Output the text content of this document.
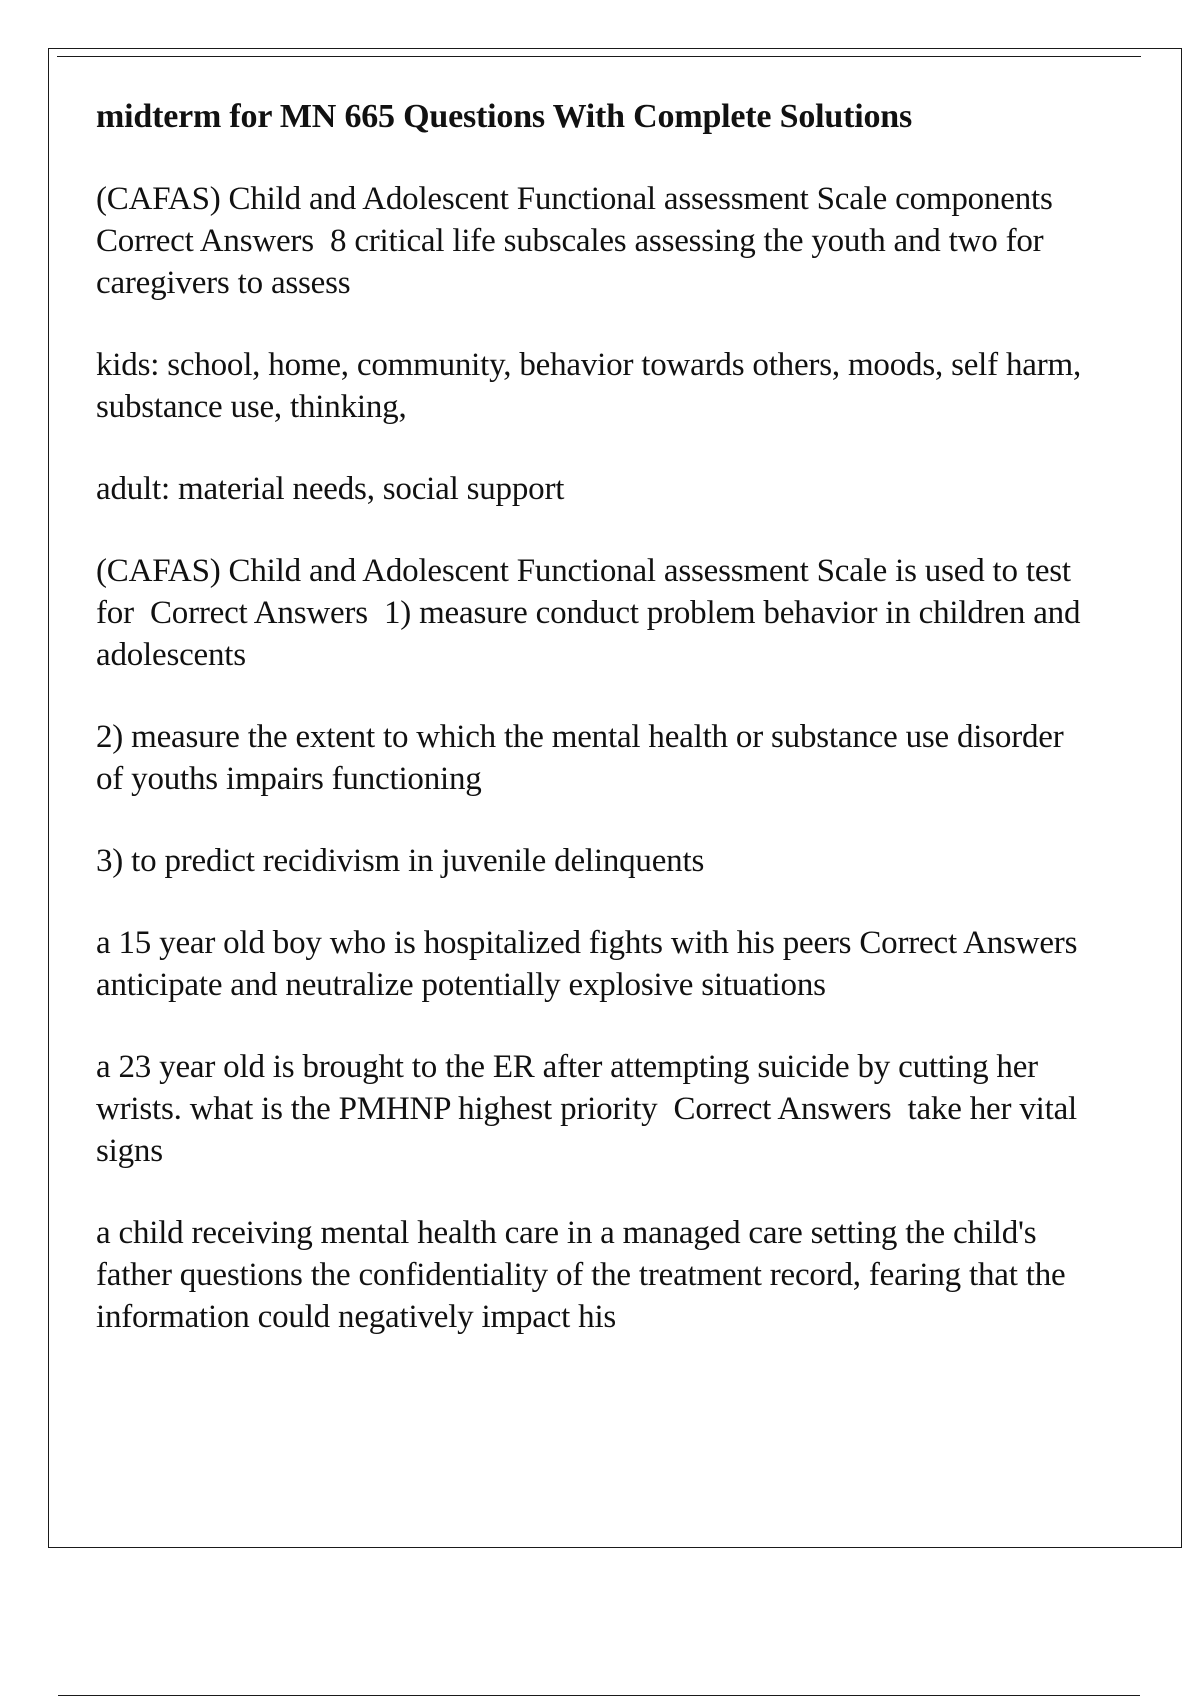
midterm for MN 665 Questions With Complete Solutions
(CAFAS) Child and Adolescent Functional assessment Scale components  Correct Answers  8 critical life subscales assessing the youth and two for caregivers to assess
kids: school, home, community, behavior towards others, moods, self harm, substance use, thinking,
adult: material needs, social support
(CAFAS) Child and Adolescent Functional assessment Scale is used to test for  Correct Answers  1) measure conduct problem behavior in children and adolescents
2) measure the extent to which the mental health or substance use disorder of youths impairs functioning
3) to predict recidivism in juvenile delinquents
a 15 year old boy who is hospitalized fights with his peers Correct Answers  anticipate and neutralize potentially explosive situations
a 23 year old is brought to the ER after attempting suicide by cutting her wrists. what is the PMHNP highest priority  Correct Answers  take her vital signs
a child receiving mental health care in a managed care setting the child's father questions the confidentiality of the treatment record, fearing that the information could negatively impact his
